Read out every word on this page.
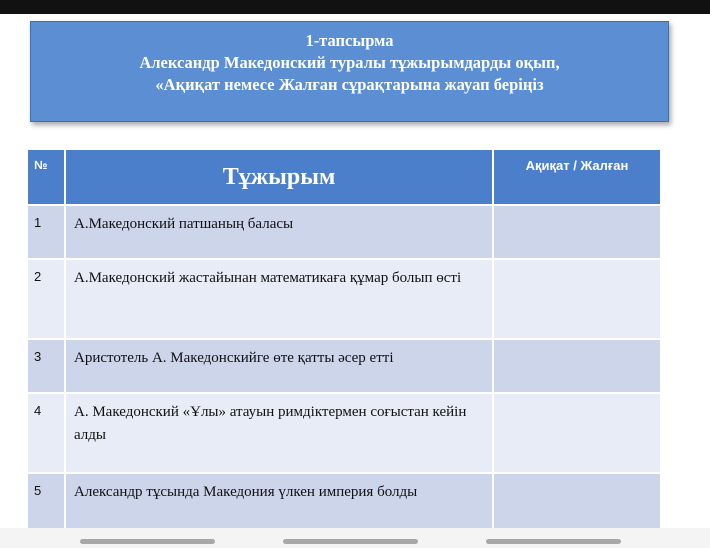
1-тапсырма
Александр Македонский туралы тұжырымдарды оқып,
«Ақиқат немесе Жалған сұрақтарына жауап беріңіз
№	Тұжырым	Ақиқат / Жалған
1	А.Македонский патшаның баласы	
2	А.Македонский жастайынан математикаға құмар болып өсті	
3	Аристотель А. Македонскийге өте қатты әсер етті	
4	А. Македонский «Ұлы» атауын римдіктермен соғыстан кейін алды	
5	Александр тұсында Македония үлкен империя болды	
